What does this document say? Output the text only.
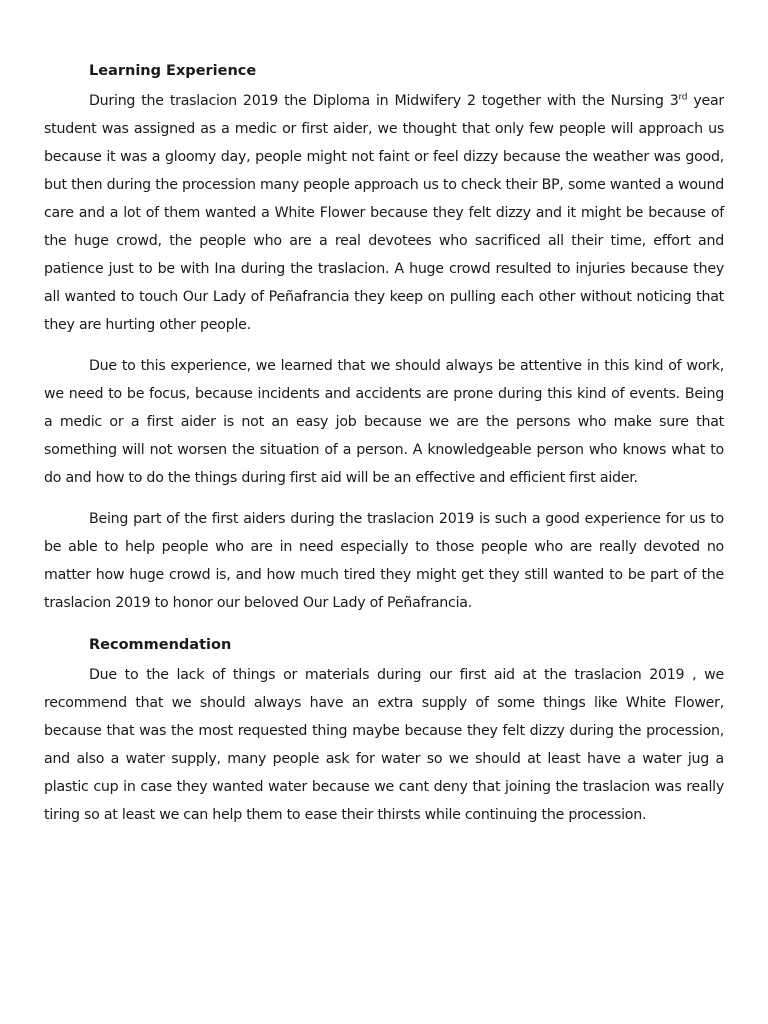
Learning Experience

During the traslacion 2019 the Diploma in Midwifery 2 together with the Nursing 3rd year student was assigned as a medic or first aider, we thought that only few people will approach us because it was a gloomy day, people might not faint or feel dizzy because the weather was good, but then during the procession many people approach us to check their BP, some wanted a wound care and a lot of them wanted a White Flower because they felt dizzy and it might be because of the huge crowd, the people who are a real devotees who sacrificed all their time, effort and patience just to be with Ina during the traslacion. A huge crowd resulted to injuries because they all wanted to touch Our Lady of Peñafrancia they keep on pulling each other without noticing that they are hurting other people.

Due to this experience, we learned that we should always be attentive in this kind of work, we need to be focus, because incidents and accidents are prone during this kind of events. Being a medic or a first aider is not an easy job because we are the persons who make sure that something will not worsen the situation of a person. A knowledgeable person who knows what to do and how to do the things during first aid will be an effective and efficient first aider.

Being part of the first aiders during the traslacion 2019 is such a good experience for us to be able to help people who are in need especially to those people who are really devoted no matter how huge crowd is, and how much tired they might get they still wanted to be part of the traslacion 2019 to honor our beloved Our Lady of Peñafrancia.

Recommendation

Due to the lack of things or materials during our first aid at the traslacion 2019 , we recommend that we should always have an extra supply of some things like White Flower, because that was the most requested thing maybe because they felt dizzy during the procession, and also a water supply, many people ask for water so we should at least have a water jug a plastic cup in case they wanted water because we cant deny that joining the traslacion was really tiring so at least we can help them to ease their thirsts while continuing the procession.
